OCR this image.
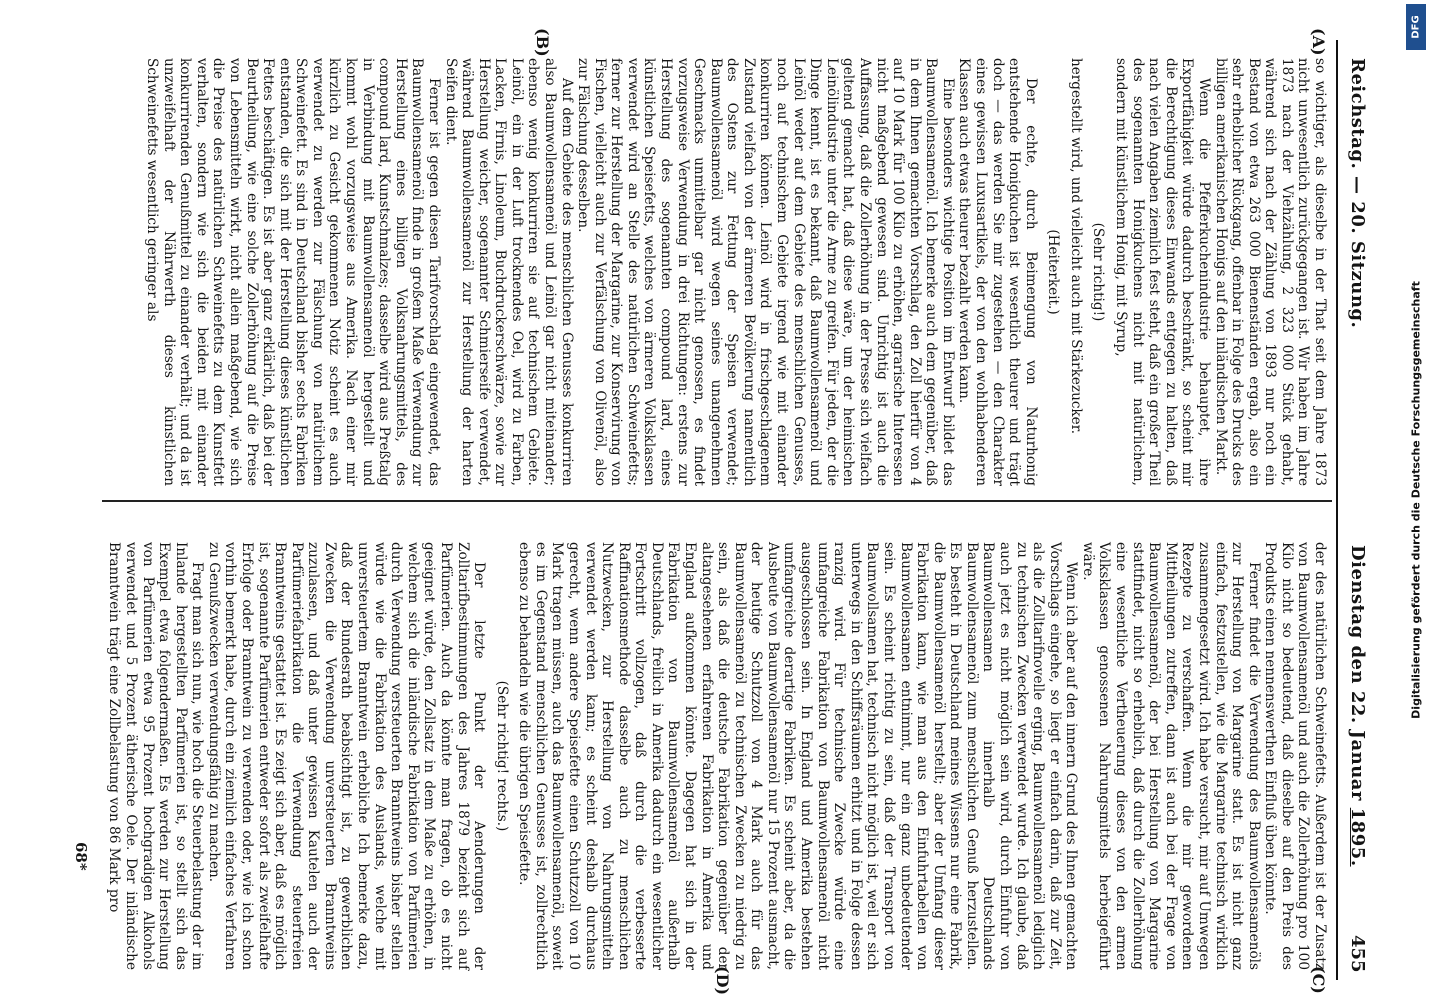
Reichstag. — 20. Sitzung.
Dienstag den 22. Januar 1895.
455
(A)
(B)
(C)
(D)

so wichtiger, als dieselbe in der That seit dem Jahre 1873 nicht unwesentlich zurückgegangen ist. Wir haben im Jahre 1873 nach der Viehzählung, 2 323 000 Stück gehabt, während sich nach der Zählung von 1893 nur noch ein Bestand von etwa 263 000 Bienenständen ergab, also ein sehr erheblicher Rückgang, offenbar in Folge des Drucks des billigen amerikanischen Honigs auf den inländischen Markt.

Wenn die Pfefferkuchenindustrie behauptet, ihre Exportfähigkeit würde dadurch beschränkt, so scheint mir die Berechtigung dieses Einwands entgegen zu halten, daß nach vielen Angaben ziemlich fest steht, daß ein großer Theil des sogenannten Honigkuchens nicht mit natürlichem, sondern mit künstlichem Honig, mit Syrup,

(Sehr richtig!)

hergestellt wird, und vielleicht auch mit Stärkezucker.

(Heiterkeit.)

Der echte, durch Beimengung von Naturhonig entstehende Honigkuchen ist wesentlich theurer und trägt doch — das werden Sie mir zugestehen — den Charakter eines gewissen Luxusartikels, der von den wohlhabenderen Klassen auch etwas theurer bezahlt werden kann.

Eine besonders wichtige Position im Entwurf bildet das Baumwollensamenöl. Ich bemerke auch dem gegenüber, daß in dem Ihnen gemachten Vorschlag, den Zoll hierfür von 4 auf 10 Mark für 100 Kilo zu erhöhen, agrarische Interessen nicht maßgebend gewesen sind. Unrichtig ist auch die Auffassung, daß die Zollerhöhung in der Presse sich vielfach geltend gemacht hat, daß diese wäre, um der heimischen Leinölindustrie unter die Arme zu greifen. Für jeden, der die Dinge kennt, ist es bekannt, daß Baumwollensamenöl und Leinöl weder auf dem Gebiete des menschlichen Genusses, noch auf technischem Gebiete irgend wie mit einander konkurriren können. Leinöl wird in frischgeschlagenem Zustand vielfach von der ärmeren Bevölkerung namentlich des Ostens zur Fettung der Speisen verwendet; Baumwollensamenöl wird wegen seines unangenehmen Geschmacks unmittelbar gar nicht genossen, es findet vorzugsweise Verwendung in drei Richtungen: erstens zur Herstellung des sogenannten compound lard, eines künstlichen Speisefetts, welches von ärmeren Volksklassen verwendet wird an Stelle des natürlichen Schweinefetts; ferner zur Herstellung der Margarine, zur Konservirung von Fischen, vielleicht auch zur Verfälschung von Olivenöl, also zur Fälschung desselben.

Auf dem Gebiete des menschlichen Genusses konkurriren also Baumwollensamenöl und Leinöl gar nicht miteinander; ebenso wenig konkurriren sie auf technischem Gebiete. Leinöl, ein in der Luft trocknendes Oel, wird zu Farben, Lacken, Firnis, Linoleum, Buchdruckerschwärze, sowie zur Herstellung weicher, sogenannter Schmierseife verwendet, während Baumwollensamenöl zur Herstellung der harten Seifen dient.

Ferner ist gegen diesen Tarifvorschlag eingewendet, das Baumwollensamenöl finde in großem Maße Verwendung zur Herstellung eines billigen Volksnahrungsmittels, des compound lard, Kunstschmalzes; dasselbe wird aus Preßtalg in Verbindung mit Baumwollensamenöl hergestellt und kommt wohl vorzugsweise aus Amerika. Nach einer mir kürzlich zu Gesicht gekommenen Notiz scheint es auch verwendet zu werden zur Fälschung von natürlichem Schweinefett. Es sind in Deutschland bisher sechs Fabriken entstanden, die sich mit der Herstellung dieses künstlichen Fettes beschäftigen. Es ist aber ganz erklärlich, daß bei der Beurtheilung, wie eine solche Zollerhöhung auf die Preise von Lebensmitteln wirkt, nicht allein maßgebend, wie sich die Preise des natürlichen Schweinefetts zu dem Kunstfett verhalten, sondern wie sich die beiden mit einander konkurrirenden Genußmittel zu einander verhält; und da ist unzweifelhaft der Nährwerth dieses künstlichen Schweinefetts wesentlich geringer als

der des natürlichen Schweinefetts. Außerdem ist der Zusatz von Baumwollensamenöl und auch die Zollerhöhung pro 100 Kilo nicht so bedeutend, daß dieselbe auf den Preis des Produkts einen nennenswerthen Einfluß üben könnte.

Ferner findet die Verwendung des Baumwollensamenöls zur Herstellung von Margarine statt. Es ist nicht ganz einfach, festzustellen, wie die Margarine technisch wirklich zusammengesetzt wird. Ich habe versucht, mir auf Umwegen Rezepte zu verschaffen. Wenn die mir gewordenen Mittheilungen zutreffen, dann ist auch bei der Frage von Baumwollensamenöl, der bei Herstellung von Margarine stattfindet, nicht so erheblich, daß durch die Zollerhöhung eine wesentliche Vertheuerung dieses von den armen Volksklassen genossenen Nahrungsmittels herbeigeführt wäre.

Wenn ich aber auf den innern Grund des Ihnen gemachten Vorschlags eingehe, so liegt er einfach darin, daß zur Zeit, als die Zolltarifnovelle erging, Baumwollensamenöl lediglich zu technischen Zwecken verwendet wurde. Ich glaube, daß auch jetzt es nicht möglich sein wird, durch Einfuhr von Baumwollensamen innerhalb Deutschlands Baumwollensamenöl zum menschlichen Genuß herzustellen. Es besteht in Deutschland meines Wissens nur eine Fabrik, die Baumwollensamenöl herstellt; aber der Umfang dieser Fabrikation kann, wie man aus den Einfuhrtabellen von Baumwollensamen entnimmt, nur ein ganz unbedeutender sein. Es scheint richtig zu sein, daß der Transport von Baumwollsamen hat, technisch nicht möglich ist, weil er sich unterwegs in den Schiffsräumen erhitzt und in Folge dessen ranzig wird. Für technische Zwecke würde eine umfangreiche Fabrikation von Baumwollensamenöl nicht ausgeschlossen sein. In England und Amerika bestehen umfangreiche derartige Fabriken. Es scheint aber, da die Ausbeute von Baumwollensamenöl nur 15 Prozent ausmacht, der heutige Schutzzoll von 4 Mark auch für das Baumwollensamenöl zu technischen Zwecken zu niedrig zu sein, als daß die deutsche Fabrikation gegenüber der altangesehenen erfahrenen Fabrikation in Amerika und England aufkommen könnte. Dagegen hat sich in der Fabrikation von Baumwollensamenöl außerhalb Deutschlands, freilich in Amerika dadurch ein wesentlicher Fortschritt vollzogen, daß durch die verbesserte Raffinationsmethode dasselbe auch zu menschlichen Nutzwecken, zur Herstellung von Nahrungsmitteln verwendet werden kann; es scheint deshalb durchaus gerecht, wenn andere Speisefette einen Schutzzoll von 10 Mark tragen müssen, auch das Baumwollensamenöl, soweit es im Gegenstand menschlichen Genusses ist, zollrechtlich ebenso zu behandeln wie die übrigen Speisefette.

(Sehr richtig! rechts.)

Der letzte Punkt der Aenderungen der Zolltarifbestimmungen des Jahres 1879 bezieht sich auf Parfümerien. Auch da könnte man fragen, ob es nicht geeignet würde, den Zollsatz in dem Maße zu erhöhen, in welchem sich die inländische Fabrikation von Parfümerien durch Verwendung versteuerten Branntweins bisher stellen würde wie die Fabrikation des Auslands, welche mit unversteuertem Branntwein erhebliche Ich bemerke dazu, daß der Bundesrath beabsichtigt ist, zu gewerblichen Zwecken die Verwendung unversteuerten Branntweins zuzulassen, und daß unter gewissen Kautelen auch der Parfümeriefabrikation die Verwendung steuerfreien Branntweins gestattet ist. Es zeigt sich aber, daß es möglich ist, sogenannte Parfümerien entweder sofort als zweifelhafte Erfolge oder Branntwein zu verwenden oder, wie ich schon vorhin bemerkt habe, durch ein ziemlich einfaches Verfahren zu Genußzwecken verwendungsfähig zu machen.

Fragt man sich nun, wie hoch die Steuerbelastung der im Inlande hergestellten Parfümerien ist, so stellt sich das Exempel etwa folgendermaßen. Es werden zur Herstellung von Parfümerien etwa 95 Prozent hochgradigen Alkohols verwendet und 5 Prozent ätherische Oele. Der inländische Branntwein trägt eine Zollbelastung von 86 Mark pro

68*
DFG
Digitalisierung gefördert durch die Deutsche Forschungsgemeinschaft
